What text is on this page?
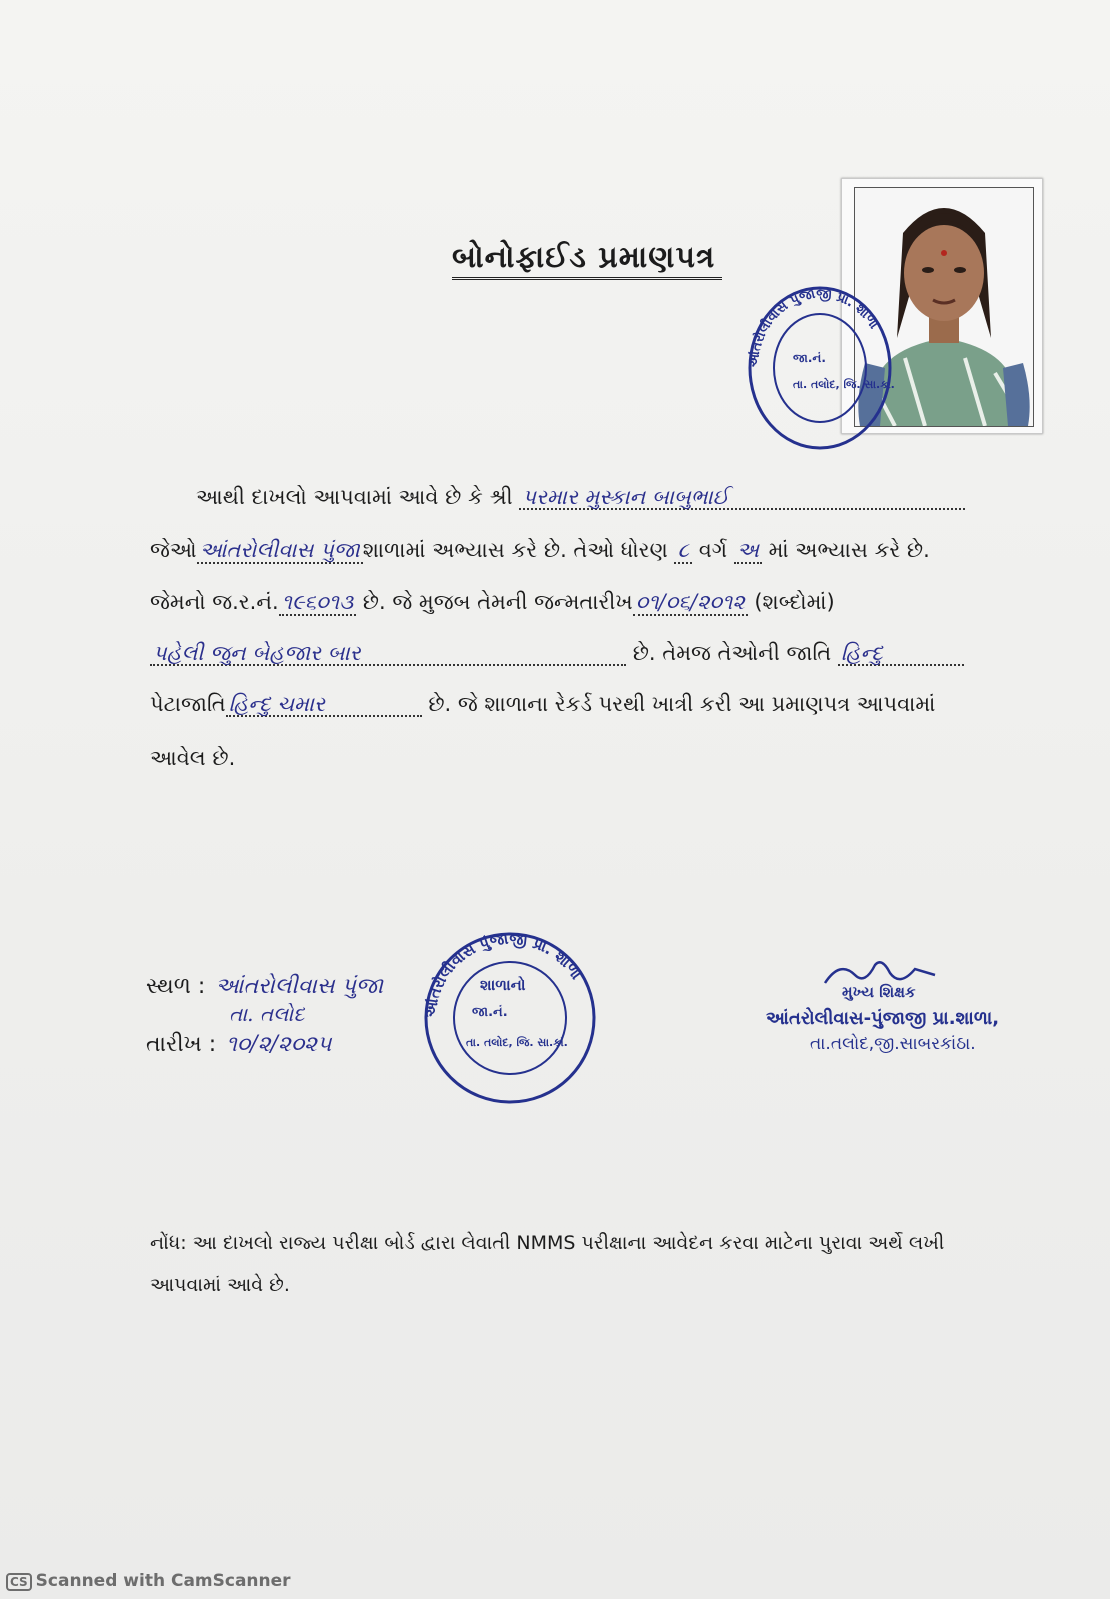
બોનોફાઈડ પ્રમાણપત્ર
આંતરોલીવાસ પુંજાજી પ્રા. શાળા
જા.નં.
તા. તલોદ, જિ. સા.કાં.
આથી દાખલો આપવામાં આવે છે કે શ્રી પરમાર મુસ્કાન બાબુભાઈ
જેઓ આંતરોલીવાસ પુંજા શાળામાં અભ્યાસ કરે છે. તેઓ ધોરણ ૮ વર્ગ અ માં અભ્યાસ કરે છે.
જેમનો જ.ર.નં. ૧૯૬૦૧૩ છે. જે મુજબ તેમની જન્મતારીખ ૦૧/૦૬/૨૦૧૨ (શબ્દોમાં)
પહેલી જુન બેહજાર બાર	છે. તેમજ તેઓની જાતિ હિન્દુ
પેટાજાતિ હિન્દુ ચમાર	છે. જે શાળાના રેકર્ડ પરથી ખાત્રી કરી આ પ્રમાણપત્ર આપવામાં
આવેલ છે.
સ્થળ : આંતરોલીવાસ પુંજા
તા. તલોદ
તારીખ : ૧૦/૨/૨૦૨૫
આંતરોલીવાસ પુંજાજી પ્રા. શાળા
શાળાનો
જા.નં.
તા. તલોદ, જિ. સા.કાં.
મુખ્ય શિક્ષક
આંતરોલીવાસ-પુંજાજી પ્રા.શાળા,
તા.તલોદ,જી.સાબરકાંઠા.
નોંધ: આ દાખલો રાજ્ય પરીક્ષા બોર્ડ દ્વારા લેવાતી NMMS પરીક્ષાના આવેદન કરવા માટેના પુરાવા અર્થે લખી
આપવામાં આવે છે.
CS Scanned with CamScanner
